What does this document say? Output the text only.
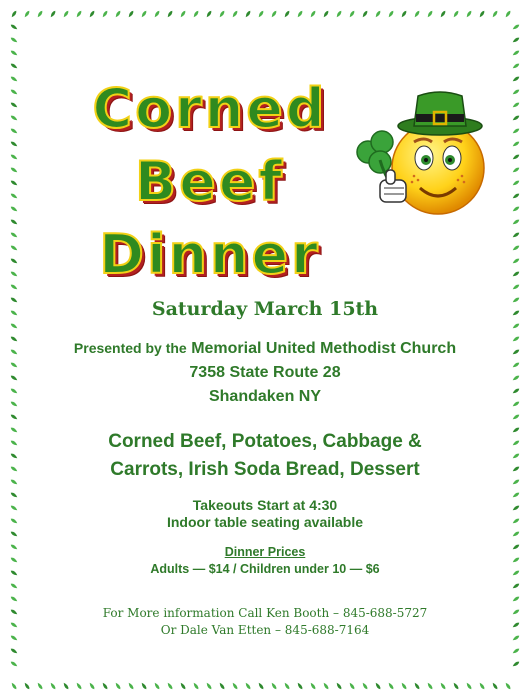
Corned
Beef
Dinner
Saturday March 15th
Presented by the Memorial United Methodist Church
7358 State Route 28
Shandaken NY
Corned Beef, Potatoes, Cabbage &
Carrots, Irish Soda Bread, Dessert
Takeouts Start at 4:30
Indoor table seating available
Dinner Prices
Adults — $14 / Children under 10 — $6
For More information Call Ken Booth – 845-688-5727
Or Dale Van Etten – 845-688-7164
